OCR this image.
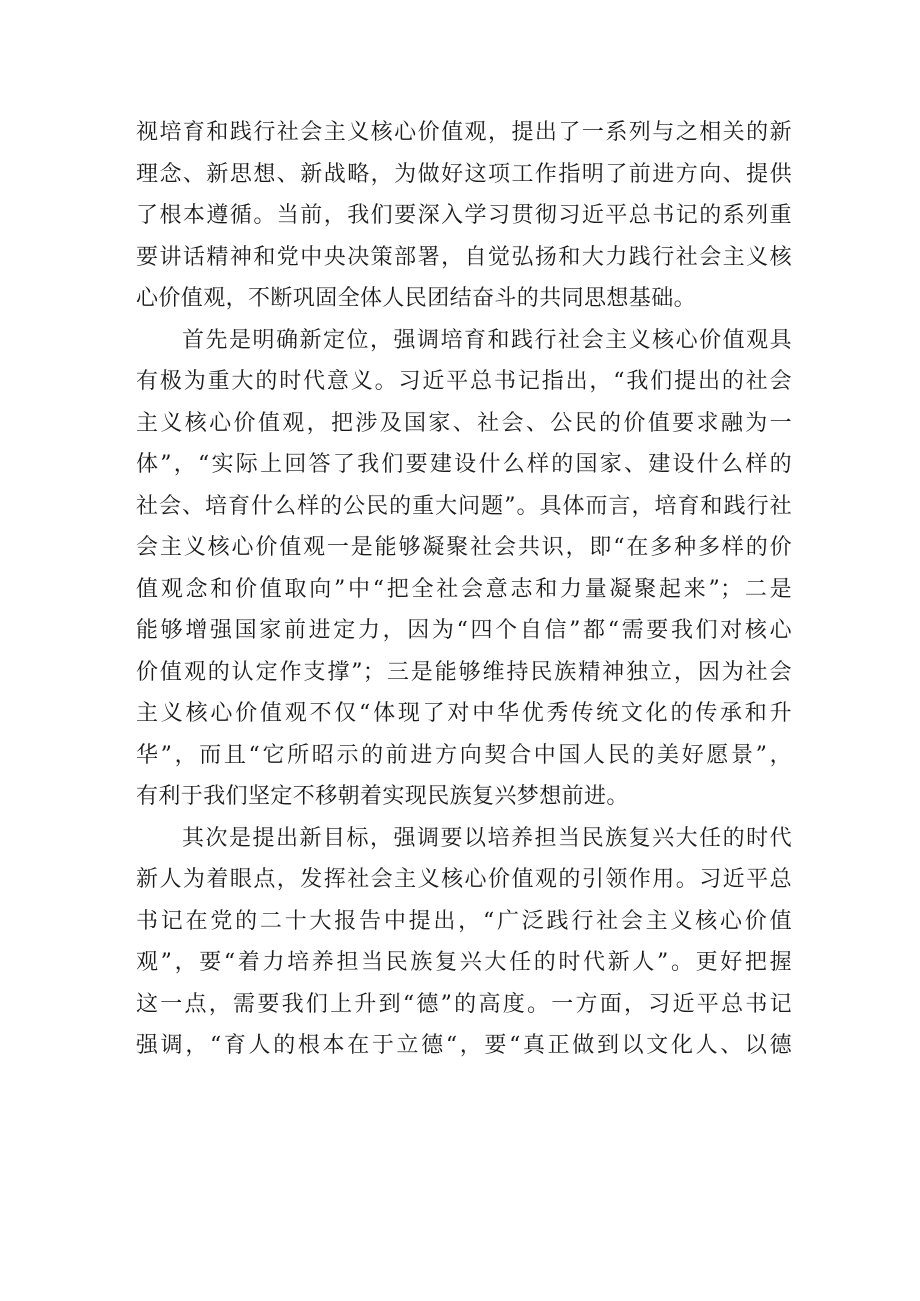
视培育和践行社会主义核心价值观，提出了一系列与之相关的新
理念、新思想、新战略，为做好这项工作指明了前进方向、提供
了根本遵循。当前，我们要深入学习贯彻习近平总书记的系列重
要讲话精神和党中央决策部署，自觉弘扬和大力践行社会主义核
心价值观，不断巩固全体人民团结奋斗的共同思想基础。
首先是明确新定位，强调培育和践行社会主义核心价值观具
有极为重大的时代意义。习近平总书记指出，“我们提出的社会
主义核心价值观，把涉及国家、社会、公民的价值要求融为一
体”，“实际上回答了我们要建设什么样的国家、建设什么样的
社会、培育什么样的公民的重大问题”。具体而言，培育和践行社
会主义核心价值观一是能够凝聚社会共识，即“在多种多样的价
值观念和价值取向”中“把全社会意志和力量凝聚起来”；二是
能够增强国家前进定力，因为“四个自信”都“需要我们对核心
价值观的认定作支撑”；三是能够维持民族精神独立，因为社会
主义核心价值观不仅“体现了对中华优秀传统文化的传承和升
华”，而且“它所昭示的前进方向契合中国人民的美好愿景”，
有利于我们坚定不移朝着实现民族复兴梦想前进。
其次是提出新目标，强调要以培养担当民族复兴大任的时代
新人为着眼点，发挥社会主义核心价值观的引领作用。习近平总
书记在党的二十大报告中提出，“广泛践行社会主义核心价值
观”，要“着力培养担当民族复兴大任的时代新人”。更好把握
这一点，需要我们上升到“德”的高度。一方面，习近平总书记
强调，“育人的根本在于立德“，要“真正做到以文化人、以德
